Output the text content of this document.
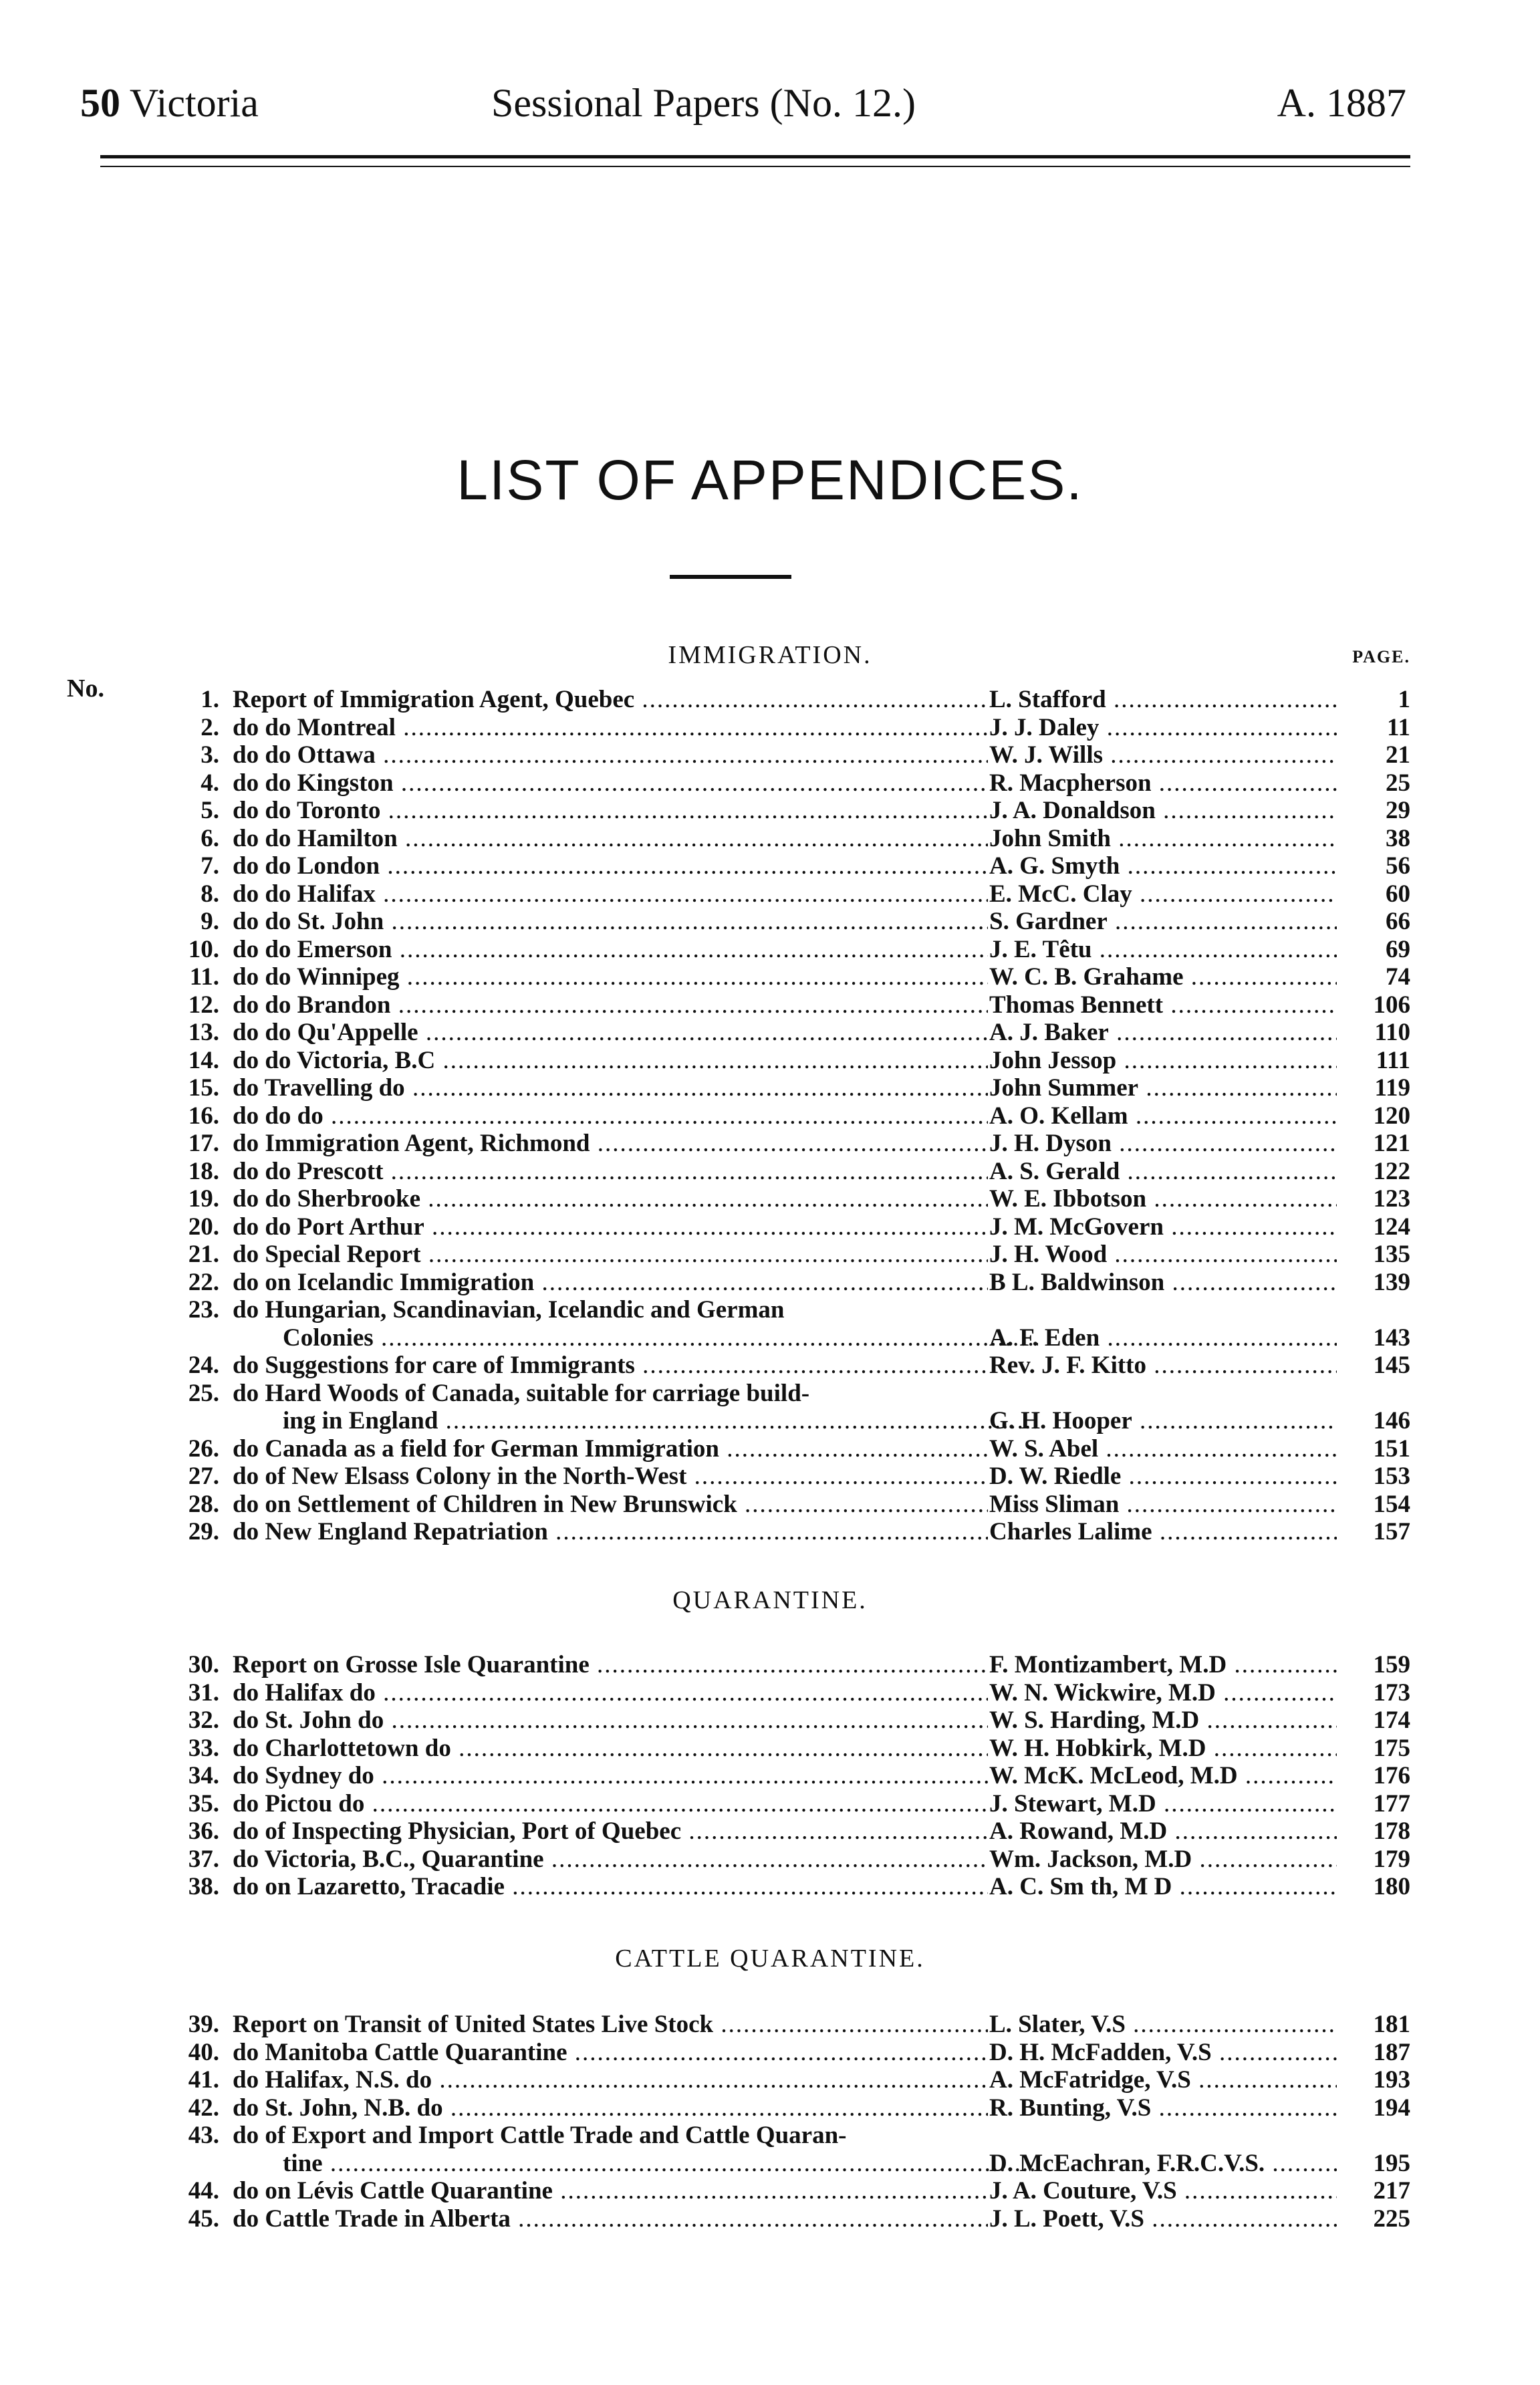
50 Victoria	Sessional Papers (No. 12.)	A. 1887
LIST OF APPENDICES.
IMMIGRATION.	PAGE.
No.	1. Report of Immigration Agent, Quebec .....	L. Stafford .....	1
2. do do Montreal .....	J. J. Daley .....	11
3. do do Ottawa .....	W. J. Wills .....	21
4. do do Kingston .....	R. Macpherson .....	25
5. do do Toronto .....	J. A. Donaldson .....	29
6. do do Hamilton .....	John Smith .....	38
7. do do London .....	A. G. Smyth .....	56
8. do do Halifax .....	E. McC. Clay .....	60
9. do do St. John .....	S. Gardner .....	66
10. do do Emerson .....	J. E. Têtu .....	69
11. do do Winnipeg .....	W. C. B. Grahame .....	74
12. do do Brandon .....	Thomas Bennett .....	106
13. do do Qu'Appelle .....	A. J. Baker .....	110
14. do do Victoria, B.C .....	John Jessop .....	111
15. do Travelling do .....	John Summer .....	119
16. do do do .....	A. O. Kellam .....	120
17. do Immigration Agent, Richmond .....	J. H. Dyson .....	121
18. do do Prescott .....	A. S. Gerald .....	122
19. do do Sherbrooke .....	W. E. Ibbotson .....	123
20. do do Port Arthur .....	J. M. McGovern .....	124
21. do Special Report .....	J. H. Wood .....	135
22. do on Icelandic Immigration .....	B L. Baldwinson .....	139
23. do Hungarian, Scandinavian, Icelandic and German
Colonies .....	A. F. Eden .....	143
24. do Suggestions for care of Immigrants .....	Rev. J. F. Kitto .....	145
25. do Hard Woods of Canada, suitable for carriage build-
ing in England .....	G. H. Hooper .....	146
26. do Canada as a field for German Immigration .....	W. S. Abel .....	151
27. do of New Elsass Colony in the North-West .....	D. W. Riedle .....	153
28. do on Settlement of Children in New Brunswick .....	Miss Sliman .....	154
29. do New England Repatriation .....	Charles Lalime .....	157
QUARANTINE.
30. Report on Grosse Isle Quarantine .....	F. Montizambert, M.D .....	159
31. do Halifax do .....	W. N. Wickwire, M.D .....	173
32. do St. John do .....	W. S. Harding, M.D .....	174
33. do Charlottetown do .....	W. H. Hobkirk, M.D .....	175
34. do Sydney do .....	W. McK. McLeod, M.D .....	176
35. do Pictou do .....	J. Stewart, M.D .....	177
36. do of Inspecting Physician, Port of Quebec .....	A. Rowand, M.D .....	178
37. do Victoria, B.C., Quarantine .....	Wm. Jackson, M.D .....	179
38. do on Lazaretto, Tracadie .....	A. C. Sm th, M D .....	180
CATTLE QUARANTINE.
39. Report on Transit of United States Live Stock .....	L. Slater, V.S .....	181
40. do Manitoba Cattle Quarantine .....	D. H. McFadden, V.S .....	187
41. do Halifax, N.S. do .....	A. McFatridge, V.S .....	193
42. do St. John, N.B. do .....	R. Bunting, V.S .....	194
43. do of Export and Import Cattle Trade and Cattle Quaran-
tine .....	D. McEachran, F.R.C.V.S. .....	195
44. do on Lévis Cattle Quarantine .....	J. A. Couture, V.S .....	217
45. do Cattle Trade in Alberta .....	J. L. Poett, V.S .....	225
